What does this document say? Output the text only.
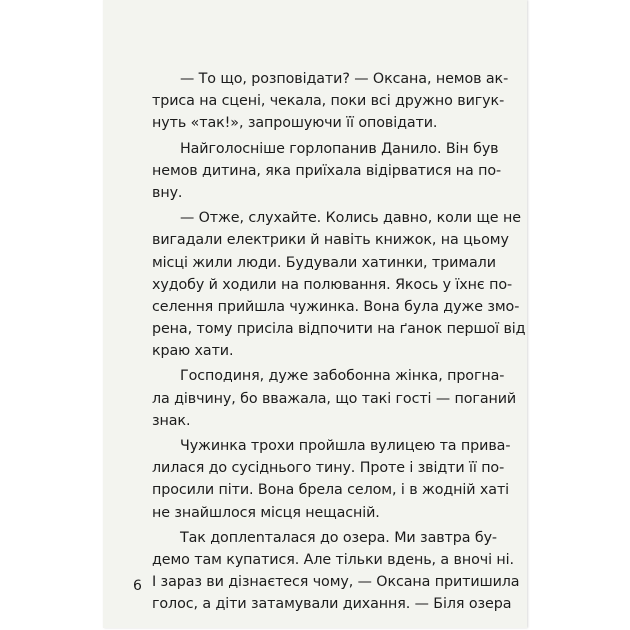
— То що, розповідати? — Оксана, немов ак-
триса на сцені, чекала, поки всі дружно вигук-
нуть «так!», запрошуючи її оповідати.
Найголосніше горлопанив Данило. Він був
немов дитина, яка приїхала відірватися на по-
вну.
— Отже, слухайте. Колись давно, коли ще не
вигадали електрики й навіть книжок, на цьому
місці жили люди. Будували хатинки, тримали
худобу й ходили на полювання. Якось у їхнє по-
селення прийшла чужинка. Вона була дуже змо-
рена, тому присіла відпочити на ґанок першої від
краю хати.
Господиня, дуже забобонна жінка, прогна-
ла дівчину, бо вважала, що такі гості — поганий
знак.
Чужинка трохи пройшла вулицею та прива-
лилася до сусіднього тину. Проте і звідти її по-
просили піти. Вона брела селом, і в жодній хаті
не знайшлося місця нещасній.
Так доплenталася до озера. Ми завтра бу-
демо там купатися. Але тільки вдень, а вночі ні.
І зараз ви дізнаєтеся чому, — Оксана притишила
голос, а діти затамували дихання. — Біля озера
6
